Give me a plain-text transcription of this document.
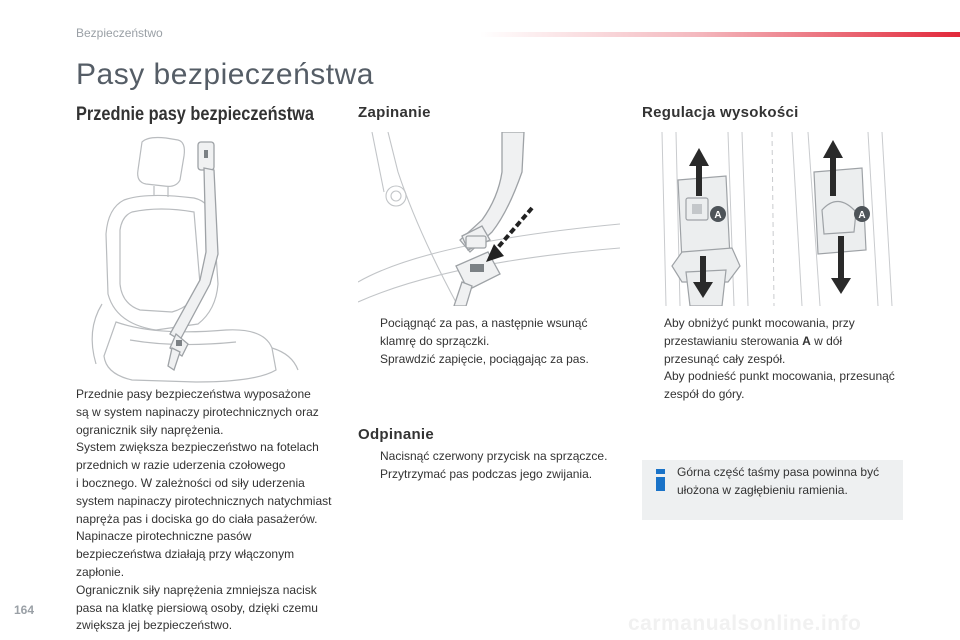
Bezpieczeństwo
Pasy bezpieczeństwa
Przednie pasy bezpieczeństwa
Przednie pasy bezpieczeństwa wyposażone
są w system napinaczy pirotechnicznych oraz
ogranicznik siły naprężenia.
System zwiększa bezpieczeństwo na fotelach
przednich w razie uderzenia czołowego
i bocznego. W zależności od siły uderzenia
system napinaczy pirotechnicznych natychmiast
napręża pas i dociska go do ciała pasażerów.
Napinacze pirotechniczne pasów
bezpieczeństwa działają przy włączonym
zapłonie.
Ogranicznik siły naprężenia zmniejsza nacisk
pasa na klatkę piersiową osoby, dzięki czemu
zwiększa jej bezpieczeństwo.
Zapinanie
Pociągnąć za pas, a następnie wsunąć
klamrę do sprzączki.
Sprawdzić zapięcie, pociągając za pas.
Odpinanie
Nacisnąć czerwony przycisk na sprzączce.
Przytrzymać pas podczas jego zwijania.
Regulacja wysokości
A	A
Aby obniżyć punkt mocowania, przy
przestawianiu sterowania A w dół
przesunąć cały zespół.
Aby podnieść punkt mocowania, przesunąć
zespół do góry.
Górna część taśmy pasa powinna być
ułożona w zagłębieniu ramienia.
164
carmanualsonline.info
